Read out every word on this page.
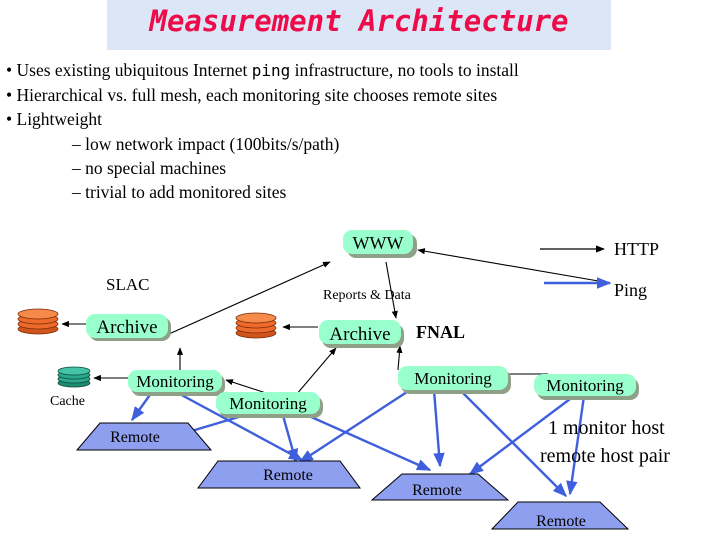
Measurement Architecture
• Uses existing ubiquitous Internet ping infrastructure, no tools to install
• Hierarchical vs. full mesh, each monitoring site chooses remote sites
• Lightweight
– low network impact (100bits/s/path)
– no special machines
– trivial to add monitored sites
WWW
Archive	Archive
Monitoring
Monitoring
Monitoring	Monitoring
Remote
Remote
Remote
Remote
SLAC
FNAL
Cache
Reports & Data
HTTP
Ping
1 monitor host
remote host pair
